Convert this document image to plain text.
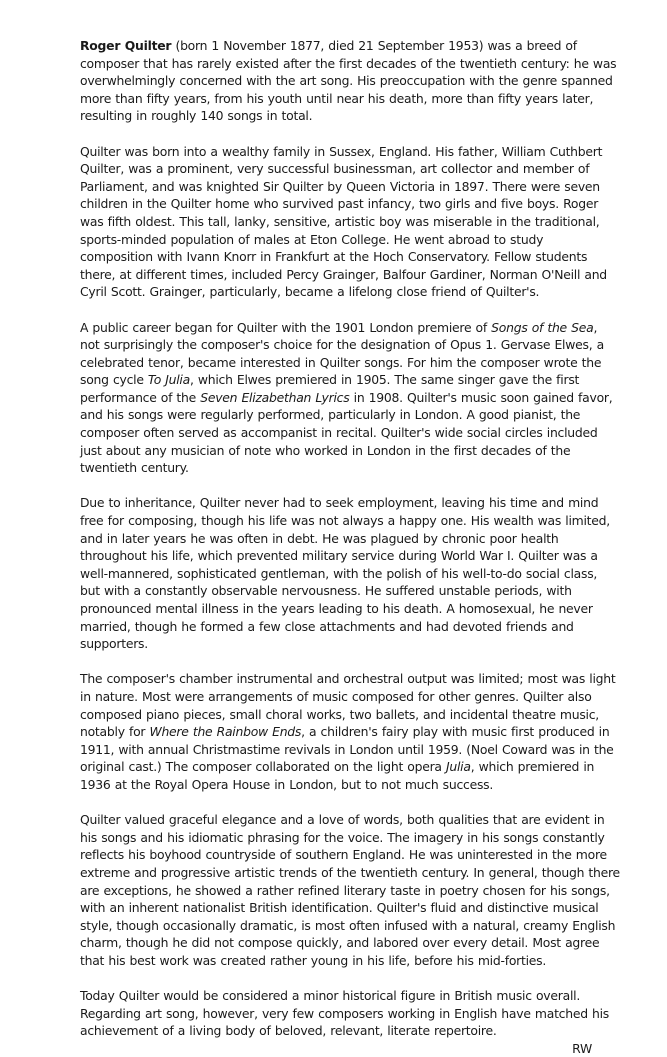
Roger Quilter (born 1 November 1877, died 21 September 1953) was a breed of composer that has rarely existed after the first decades of the twentieth century: he was overwhelmingly concerned with the art song. His preoccupation with the genre spanned more than fifty years, from his youth until near his death, more than fifty years later, resulting in roughly 140 songs in total.

Quilter was born into a wealthy family in Sussex, England. His father, William Cuthbert Quilter, was a prominent, very successful businessman, art collector and member of Parliament, and was knighted Sir Quilter by Queen Victoria in 1897. There were seven children in the Quilter home who survived past infancy, two girls and five boys. Roger was fifth oldest. This tall, lanky, sensitive, artistic boy was miserable in the traditional, sports-minded population of males at Eton College. He went abroad to study composition with Ivann Knorr in Frankfurt at the Hoch Conservatory. Fellow students there, at different times, included Percy Grainger, Balfour Gardiner, Norman O'Neill and Cyril Scott. Grainger, particularly, became a lifelong close friend of Quilter's.

A public career began for Quilter with the 1901 London premiere of Songs of the Sea, not surprisingly the composer's choice for the designation of Opus 1. Gervase Elwes, a celebrated tenor, became interested in Quilter songs. For him the composer wrote the song cycle To Julia, which Elwes premiered in 1905. The same singer gave the first performance of the Seven Elizabethan Lyrics in 1908. Quilter's music soon gained favor, and his songs were regularly performed, particularly in London. A good pianist, the composer often served as accompanist in recital. Quilter's wide social circles included just about any musician of note who worked in London in the first decades of the twentieth century.

Due to inheritance, Quilter never had to seek employment, leaving his time and mind free for composing, though his life was not always a happy one. His wealth was limited, and in later years he was often in debt. He was plagued by chronic poor health throughout his life, which prevented military service during World War I. Quilter was a well-mannered, sophisticated gentleman, with the polish of his well-to-do social class, but with a constantly observable nervousness. He suffered unstable periods, with pronounced mental illness in the years leading to his death. A homosexual, he never married, though he formed a few close attachments and had devoted friends and supporters.

The composer's chamber instrumental and orchestral output was limited; most was light in nature. Most were arrangements of music composed for other genres. Quilter also composed piano pieces, small choral works, two ballets, and incidental theatre music, notably for Where the Rainbow Ends, a children's fairy play with music first produced in 1911, with annual Christmastime revivals in London until 1959. (Noel Coward was in the original cast.) The composer collaborated on the light opera Julia, which premiered in 1936 at the Royal Opera House in London, but to not much success.

Quilter valued graceful elegance and a love of words, both qualities that are evident in his songs and his idiomatic phrasing for the voice. The imagery in his songs constantly reflects his boyhood countryside of southern England. He was uninterested in the more extreme and progressive artistic trends of the twentieth century. In general, though there are exceptions, he showed a rather refined literary taste in poetry chosen for his songs, with an inherent nationalist British identification. Quilter's fluid and distinctive musical style, though occasionally dramatic, is most often infused with a natural, creamy English charm, though he did not compose quickly, and labored over every detail. Most agree that his best work was created rather young in his life, before his mid-forties.

Today Quilter would be considered a minor historical figure in British music overall. Regarding art song, however, very few composers working in English have matched his achievement of a living body of beloved, relevant, literate repertoire.

RW
